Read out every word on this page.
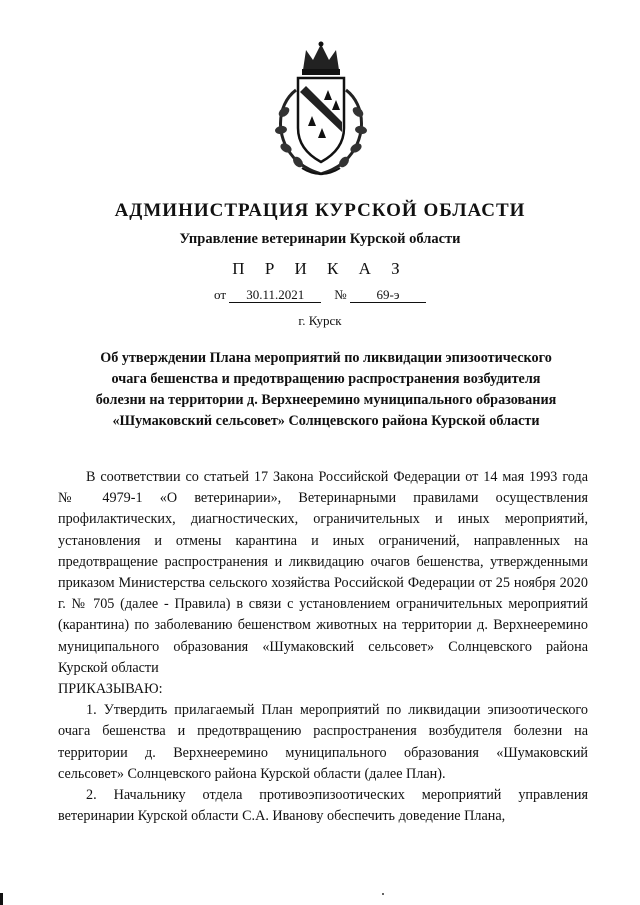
АДМИНИСТРАЦИЯ КУРСКОЙ ОБЛАСТИ
Управление ветеринарии Курской области
П Р И К А З
от 30.11.2021 № 69-э
г. Курск
Об утверждении Плана мероприятий по ликвидации эпизоотического очага бешенства и предотвращению распространения возбудителя болезни на территории д. Верхнееремино муниципального образования «Шумаковский сельсовет» Солнцевского района Курской области

В соответствии со статьей 17 Закона Российской Федерации от 14 мая 1993 года № 4979-1 «О ветеринарии», Ветеринарными правилами осуществления профилактических, диагностических, ограничительных и иных мероприятий, установления и отмены карантина и иных ограничений, направленных на предотвращение распространения и ликвидацию очагов бешенства, утвержденными приказом Министерства сельского хозяйства Российской Федерации от 25 ноября 2020 г. № 705 (далее - Правила) в связи с установлением ограничительных мероприятий (карантина) по заболеванию бешенством животных на территории д. Верхнееремино муниципального образования «Шумаковский сельсовет» Солнцевского района Курской области

ПРИКАЗЫВАЮ:

1. Утвердить прилагаемый План мероприятий по ликвидации эпизоотического очага бешенства и предотвращению распространения возбудителя болезни на территории д. Верхнееремино муниципального образования «Шумаковский сельсовет» Солнцевского района Курской области (далее План).

2. Начальнику отдела противоэпизоотических мероприятий управления ветеринарии Курской области С.А. Иванову обеспечить доведение Плана,
